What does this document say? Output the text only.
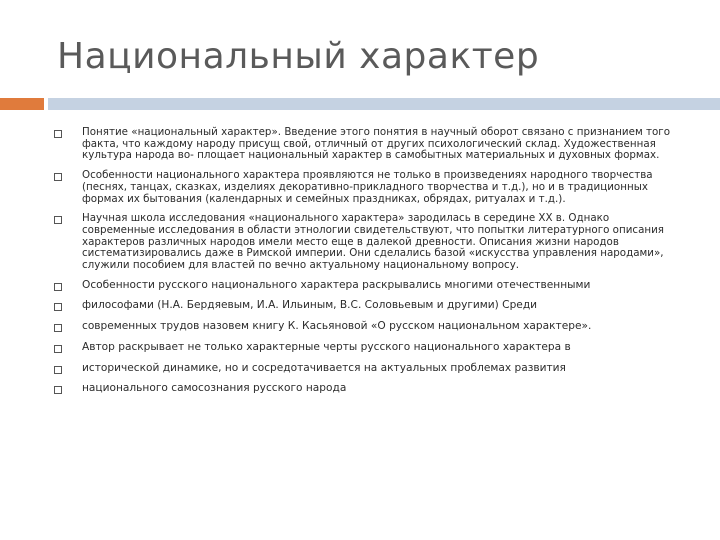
Национальный характер
Понятие «национальный характер». Введение этого понятия в научный оборот связано с признанием того факта, что каждому народу присущ свой, отличный от других психологический склад. Художественная культура народа во- площает национальный характер в самобытных материальных и духовных формах.
Особенности национального характера проявляются не только в произведениях народного творчества (песнях, танцах, сказках, изделиях декоративно-прикладного творчества и т.д.), но и в традиционных формах их бытования (календарных и семейных праздниках, обрядах, ритуалах и т.д.).
Научная школа исследования «национального характера» зародилась в середине XX в. Однако современные исследования в области этнологии свидетельствуют, что попытки литературного описания характеров различных народов имели место еще в далекой древности. Описания жизни народов систематизировались даже в Римской империи. Они сделались базой «искусства управления народами», служили пособием для властей по вечно актуальному национальному вопросу.
Особенности русского национального характера раскрывались многими отечественными
философами (Н.А. Бердяевым, И.А. Ильиным, В.С. Соловьевым и другими) Среди
современных трудов назовем книгу К. Касьяновой «О русском национальном характере».
Автор раскрывает не только характерные черты русского национального характера в
исторической динамике, но и сосредотачивается на актуальных проблемах развития
национального самосознания русского народа
